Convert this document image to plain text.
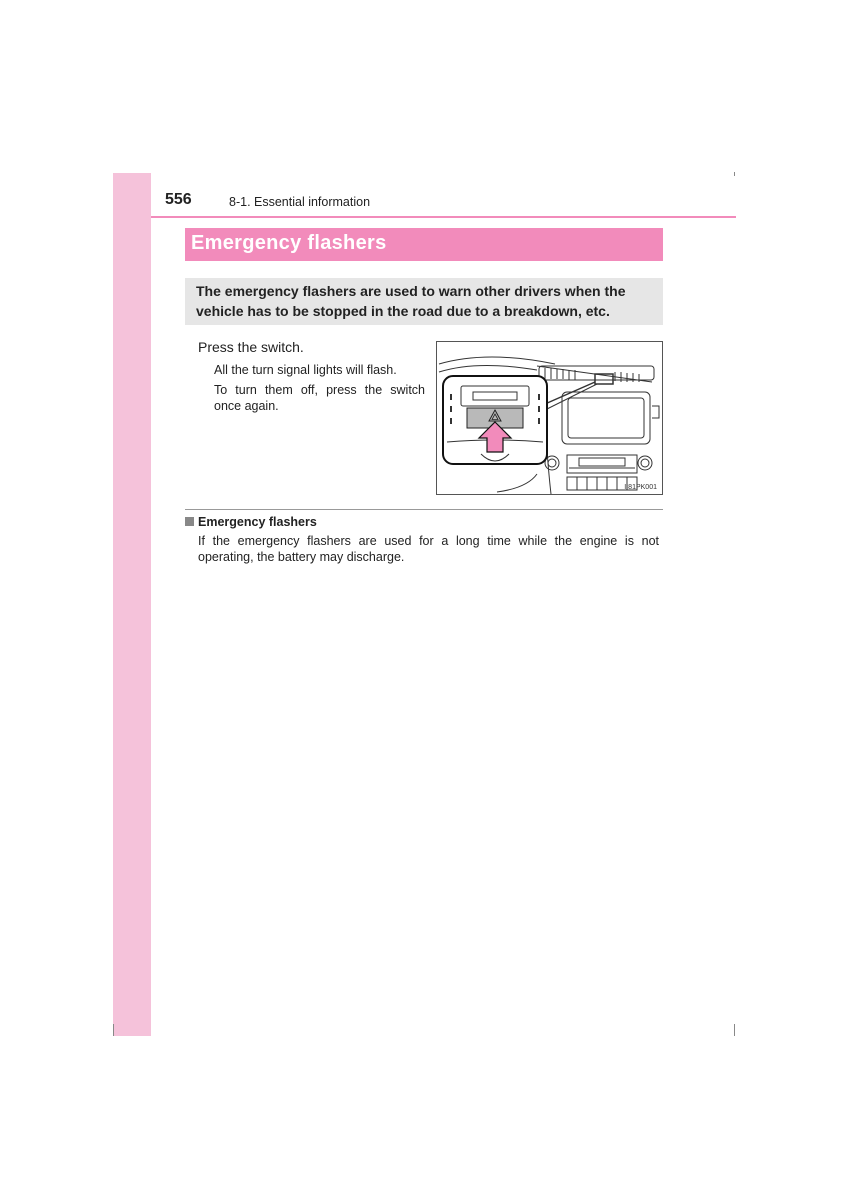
556	8-1. Essential information
Emergency flashers
The emergency flashers are used to warn other drivers when the vehicle has to be stopped in the road due to a breakdown, etc.
Press the switch.
All the turn signal lights will flash.
To turn them off, press the switch once again.
II81PK001
Emergency flashers
If the emergency flashers are used for a long time while the engine is not operating, the battery may discharge.
